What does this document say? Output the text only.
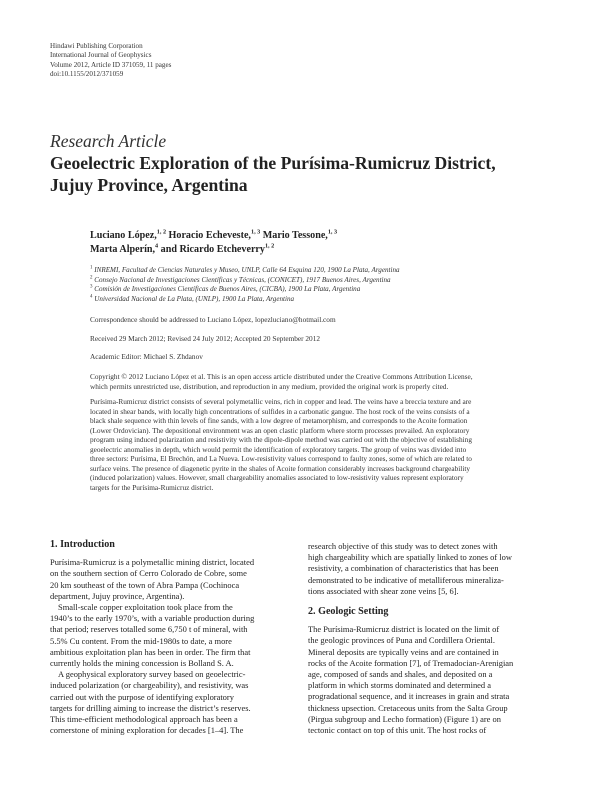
Hindawi Publishing Corporation
International Journal of Geophysics
Volume 2012, Article ID 371059, 11 pages
doi:10.1155/2012/371059
Research Article
Geoelectric Exploration of the Purísima-Rumicruz District,
Jujuy Province, Argentina
Luciano López,$^{1, 2}$ Horacio Echeveste,$^{1, 3}$ Mario Tessone,$^{1, 3}$
Marta Alperín,$^4$ and Ricardo Etcheverry$^{1, 2}$
$^1$ INREMI, Facultad de Ciencias Naturales y Museo, UNLP, Calle 64 Esquina 120, 1900 La Plata, Argentina
$^2$ Consejo Nacional de Investigaciones Científicas y Técnicas, (CONICET), 1917 Buenos Aires, Argentina
$^3$ Comisión de Investigaciones Científicas de Buenos Aires, (CICBA), 1900 La Plata, Argentina
$^4$ Universidad Nacional de La Plata, (UNLP), 1900 La Plata, Argentina
Correspondence should be addressed to Luciano López, lopezluciano@hotmail.com
Received 29 March 2012; Revised 24 July 2012; Accepted 20 September 2012
Academic Editor: Michael S. Zhdanov
Copyright © 2012 Luciano López et al. This is an open access article distributed under the Creative Commons Attribution License,
which permits unrestricted use, distribution, and reproduction in any medium, provided the original work is properly cited.
Purísima-Rumicruz district consists of several polymetallic veins, rich in copper and lead. The veins have a breccia texture and are
located in shear bands, with locally high concentrations of sulfides in a carbonatic gangue. The host rock of the veins consists of a
black shale sequence with thin levels of fine sands, with a low degree of metamorphism, and corresponds to the Acoite formation
(Lower Ordovician). The depositional environment was an open clastic platform where storm processes prevailed. An exploratory
program using induced polarization and resistivity with the dipole-dipole method was carried out with the objective of establishing
geoelectric anomalies in depth, which would permit the identification of exploratory targets. The group of veins was divided into
three sectors: Purísima, El Brechón, and La Nueva. Low-resistivity values correspond to faulty zones, some of which are related to
surface veins. The presence of diagenetic pyrite in the shales of Acoite formation considerably increases background chargeability
(induced polarization) values. However, small chargeability anomalies associated to low-resistivity values represent exploratory
targets for the Purísima-Rumicruz district.
1. Introduction
Purísima-Rumicruz is a polymetallic mining district, located
on the southern section of Cerro Colorado de Cobre, some
20 km southeast of the town of Abra Pampa (Cochinoca
department, Jujuy province, Argentina).
Small-scale copper exploitation took place from the
1940’s to the early 1970’s, with a variable production during
that period; reserves totalled some 6,750 t of mineral, with
5.5% Cu content. From the mid-1980s to date, a more
ambitious exploitation plan has been in order. The firm that
currently holds the mining concession is Bolland S. A.
A geophysical exploratory survey based on geoelectric-
induced polarization (or chargeability), and resistivity, was
carried out with the purpose of identifying exploratory
targets for drilling aiming to increase the district’s reserves.
This time-efficient methodological approach has been a
cornerstone of mining exploration for decades [1–4]. The
research objective of this study was to detect zones with
high chargeability which are spatially linked to zones of low
resistivity, a combination of characteristics that has been
demonstrated to be indicative of metalliferous mineraliza-
tions associated with shear zone veins [5, 6].
2. Geologic Setting
The Purísima-Rumicruz district is located on the limit of
the geologic provinces of Puna and Cordillera Oriental.
Mineral deposits are typically veins and are contained in
rocks of the Acoite formation [7], of Tremadocian-Arenigian
age, composed of sands and shales, and deposited on a
platform in which storms dominated and determined a
progradational sequence, and it increases in grain and strata
thickness upsection. Cretaceous units from the Salta Group
(Pirgua subgroup and Lecho formation) (Figure 1) are on
tectonic contact on top of this unit. The host rocks of
